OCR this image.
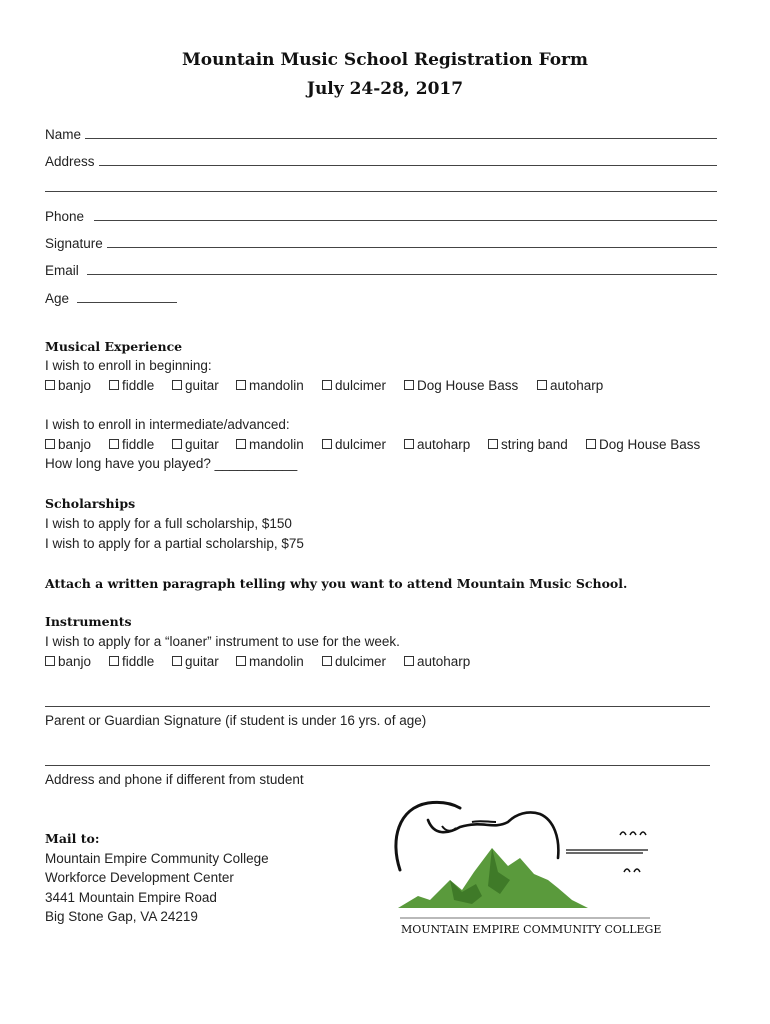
Mountain Music School Registration Form
July 24-28, 2017
Name
Address
Phone
Signature
Email
Age
Musical Experience
I wish to enroll in beginning:
banjo	fiddle	guitar	mandolin	dulcimer	Dog House Bass	autoharp
I wish to enroll in intermediate/advanced:
banjo	fiddle	guitar	mandolin	dulcimer	autoharp	string band	Dog House Bass
How long have you played? ___________
Scholarships
I wish to apply for a full scholarship, $150
I wish to apply for a partial scholarship, $75
Attach a written paragraph telling why you want to attend Mountain Music School.
Instruments
I wish to apply for a “loaner” instrument to use for the week.
banjo	fiddle	guitar	mandolin	dulcimer	autoharp
Parent or Guardian Signature (if student is under 16 yrs. of age)
Address and phone if different from student
Mail to:
Mountain Empire Community College
Workforce Development Center
3441 Mountain Empire Road
Big Stone Gap, VA 24219
MOUNTAIN EMPIRE COMMUNITY COLLEGE
